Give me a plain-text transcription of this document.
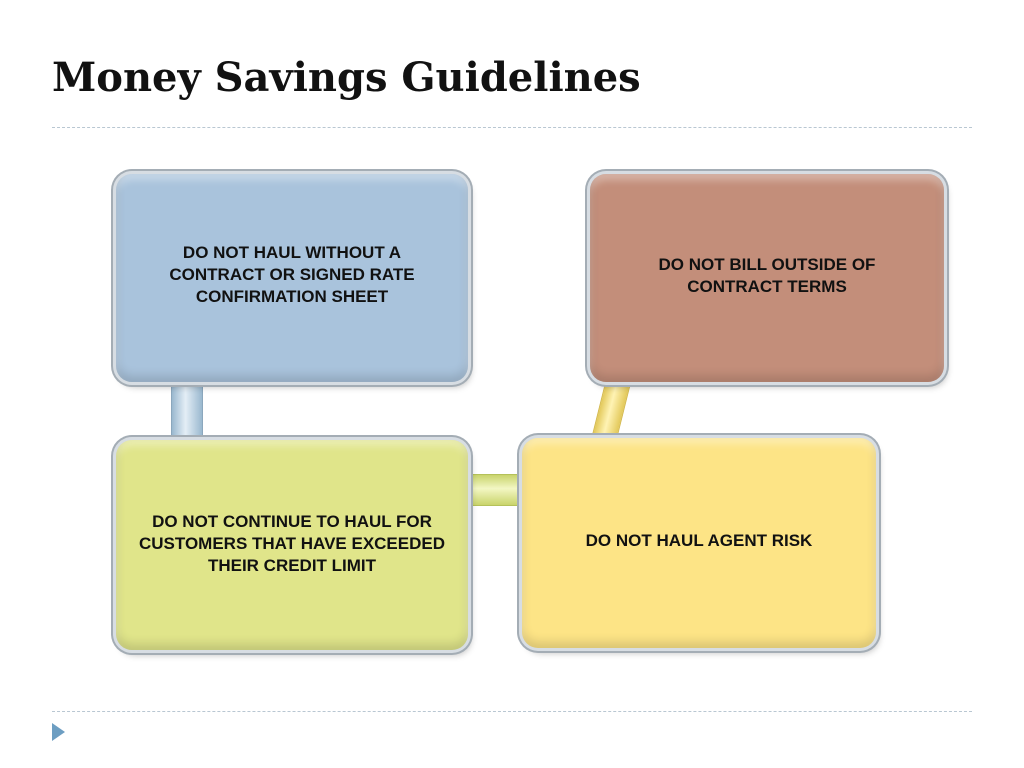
Money Savings Guidelines
DO NOT HAUL WITHOUT A CONTRACT OR SIGNED RATE CONFIRMATION SHEET
DO NOT BILL OUTSIDE OF CONTRACT TERMS
DO NOT CONTINUE TO HAUL FOR CUSTOMERS THAT HAVE EXCEEDED THEIR CREDIT LIMIT
DO NOT HAUL AGENT RISK
